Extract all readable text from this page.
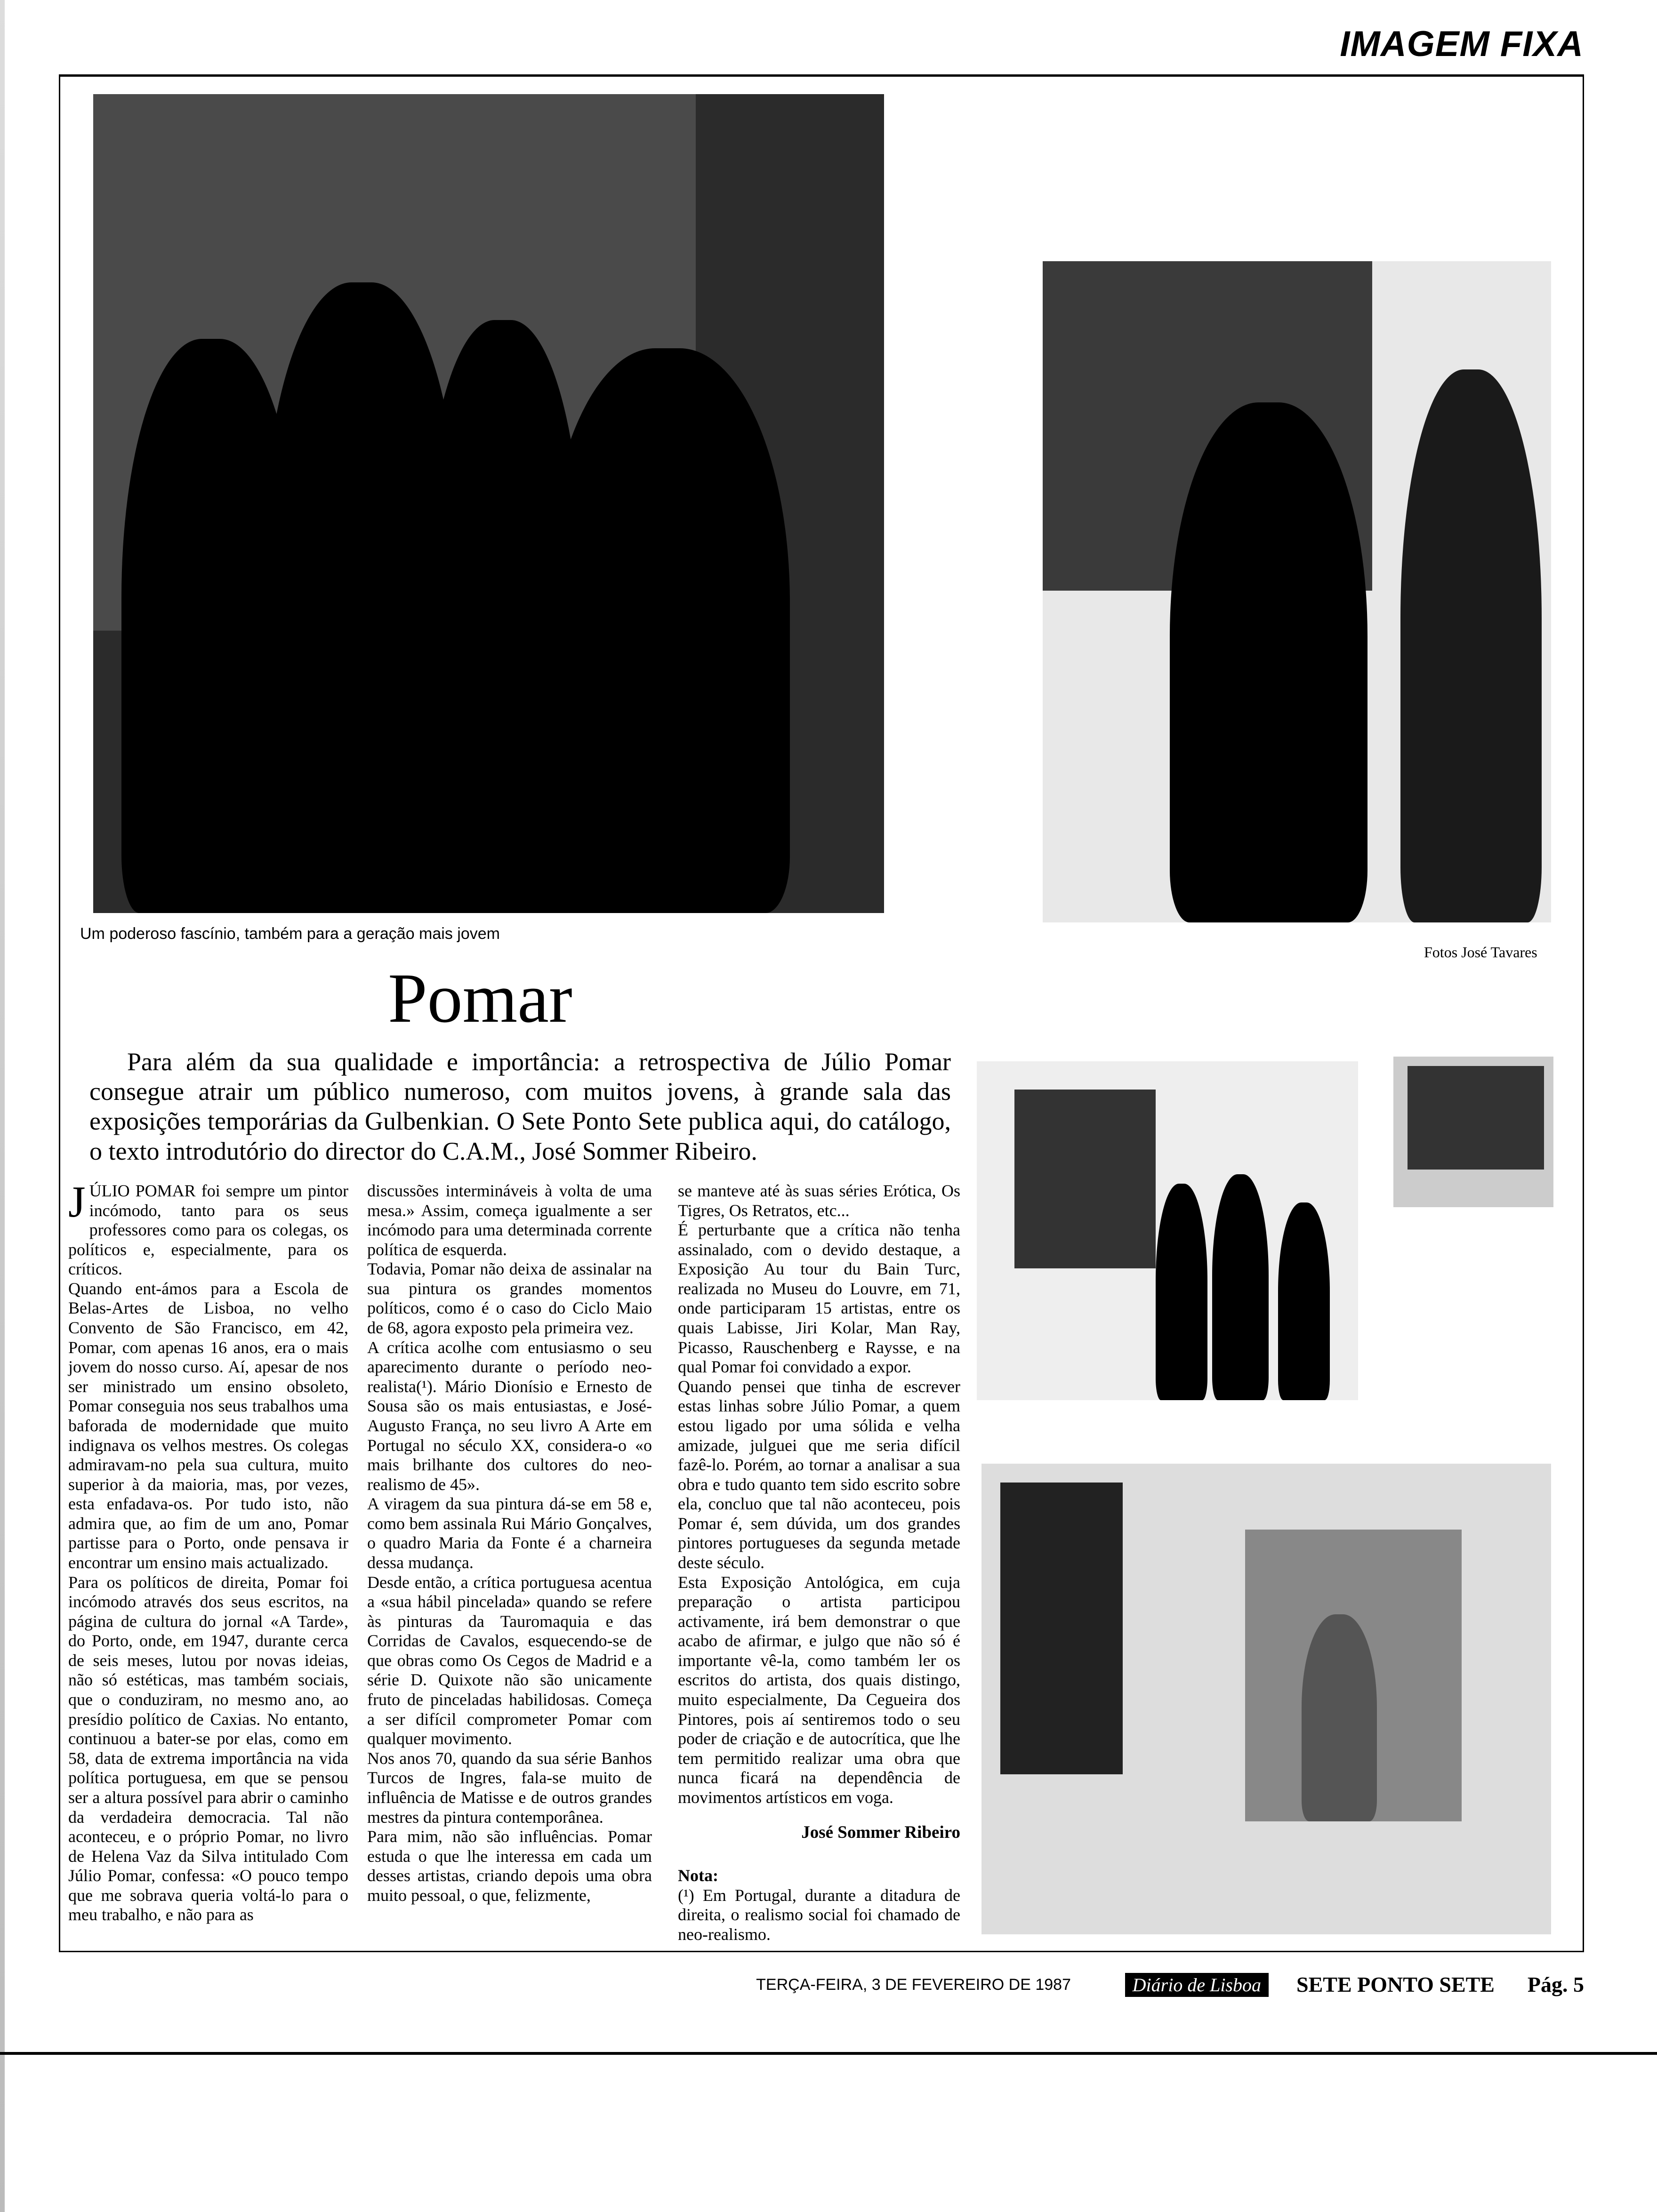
IMAGEM FIXA
Um poderoso fascínio, também para a geração mais jovem
Fotos José Tavares
Pomar

Para além da sua qualidade e importância: a retrospectiva de Júlio Pomar consegue atrair um público numeroso, com muitos jovens, à grande sala das exposições temporárias da Gulbenkian. O Sete Ponto Sete publica aqui, do catálogo, o texto introdutório do director do C.A.M., José Sommer Ribeiro.

JÚLIO POMAR foi sempre um pintor incómodo, tanto para os seus professores como para os colegas, os políticos e, especialmente, para os críticos.

Quando ent-ámos para a Escola de Belas-Artes de Lisboa, no velho Convento de São Francisco, em 42, Pomar, com apenas 16 anos, era o mais jovem do nosso curso. Aí, apesar de nos ser ministrado um ensino obsoleto, Pomar conseguia nos seus trabalhos uma baforada de modernidade que muito indignava os velhos mestres. Os colegas admiravam-no pela sua cultura, muito superior à da maioria, mas, por vezes, esta enfadava-os. Por tudo isto, não admira que, ao fim de um ano, Pomar partisse para o Porto, onde pensava ir encontrar um ensino mais actualizado.

Para os políticos de direita, Pomar foi incómodo através dos seus escritos, na página de cultura do jornal «A Tarde», do Porto, onde, em 1947, durante cerca de seis meses, lutou por novas ideias, não só estéticas, mas também sociais, que o conduziram, no mesmo ano, ao presídio político de Caxias. No entanto, continuou a bater-se por elas, como em 58, data de extrema importância na vida política portuguesa, em que se pensou ser a altura possível para abrir o caminho da verdadeira democracia. Tal não aconteceu, e o próprio Pomar, no livro de Helena Vaz da Silva intitulado Com Júlio Pomar, confessa: «O pouco tempo que me sobrava queria voltá-lo para o meu trabalho, e não para as

discussões intermináveis à volta de uma mesa.» Assim, começa igualmente a ser incómodo para uma determinada corrente política de esquerda.

Todavia, Pomar não deixa de assinalar na sua pintura os grandes momentos políticos, como é o caso do Ciclo Maio de 68, agora exposto pela primeira vez.

A crítica acolhe com entusiasmo o seu aparecimento durante o período neo-realista(¹). Mário Dionísio e Ernesto de Sousa são os mais entusiastas, e José-Augusto França, no seu livro A Arte em Portugal no século XX, considera-o «o mais brilhante dos cultores do neo-realismo de 45».

A viragem da sua pintura dá-se em 58 e, como bem assinala Rui Mário Gonçalves, o quadro Maria da Fonte é a charneira dessa mudança.

Desde então, a crítica portuguesa acentua a «sua hábil pincelada» quando se refere às pinturas da Tauromaquia e das Corridas de Cavalos, esquecendo-se de que obras como Os Cegos de Madrid e a série D. Quixote não são unicamente fruto de pinceladas habilidosas. Começa a ser difícil comprometer Pomar com qualquer movimento.

Nos anos 70, quando da sua série Banhos Turcos de Ingres, fala-se muito de influência de Matisse e de outros grandes mestres da pintura contemporânea.

Para mim, não são influências. Pomar estuda o que lhe interessa em cada um desses artistas, criando depois uma obra muito pessoal, o que, felizmente,

se manteve até às suas séries Erótica, Os Tigres, Os Retratos, etc...

É perturbante que a crítica não tenha assinalado, com o devido destaque, a Exposição Au tour du Bain Turc, realizada no Museu do Louvre, em 71, onde participaram 15 artistas, entre os quais Labisse, Jiri Kolar, Man Ray, Picasso, Rauschenberg e Raysse, e na qual Pomar foi convidado a expor.

Quando pensei que tinha de escrever estas linhas sobre Júlio Pomar, a quem estou ligado por uma sólida e velha amizade, julguei que me seria difícil fazê-lo. Porém, ao tornar a analisar a sua obra e tudo quanto tem sido escrito sobre ela, concluo que tal não aconteceu, pois Pomar é, sem dúvida, um dos grandes pintores portugueses da segunda metade deste século.

Esta Exposição Antológica, em cuja preparação o artista participou activamente, irá bem demonstrar o que acabo de afirmar, e julgo que não só é importante vê-la, como também ler os escritos do artista, dos quais distingo, muito especialmente, Da Cegueira dos Pintores, pois aí sentiremos todo o seu poder de criação e de autocrítica, que lhe tem permitido realizar uma obra que nunca ficará na dependência de movimentos artísticos em voga.

José Sommer Ribeiro

Nota:

(¹) Em Portugal, durante a ditadura de direita, o realismo social foi chamado de neo-realismo.

TERÇA-FEIRA, 3 DE FEVEREIRO DE 1987	Diário de Lisboa	SETE PONTO SETE Pág. 5
